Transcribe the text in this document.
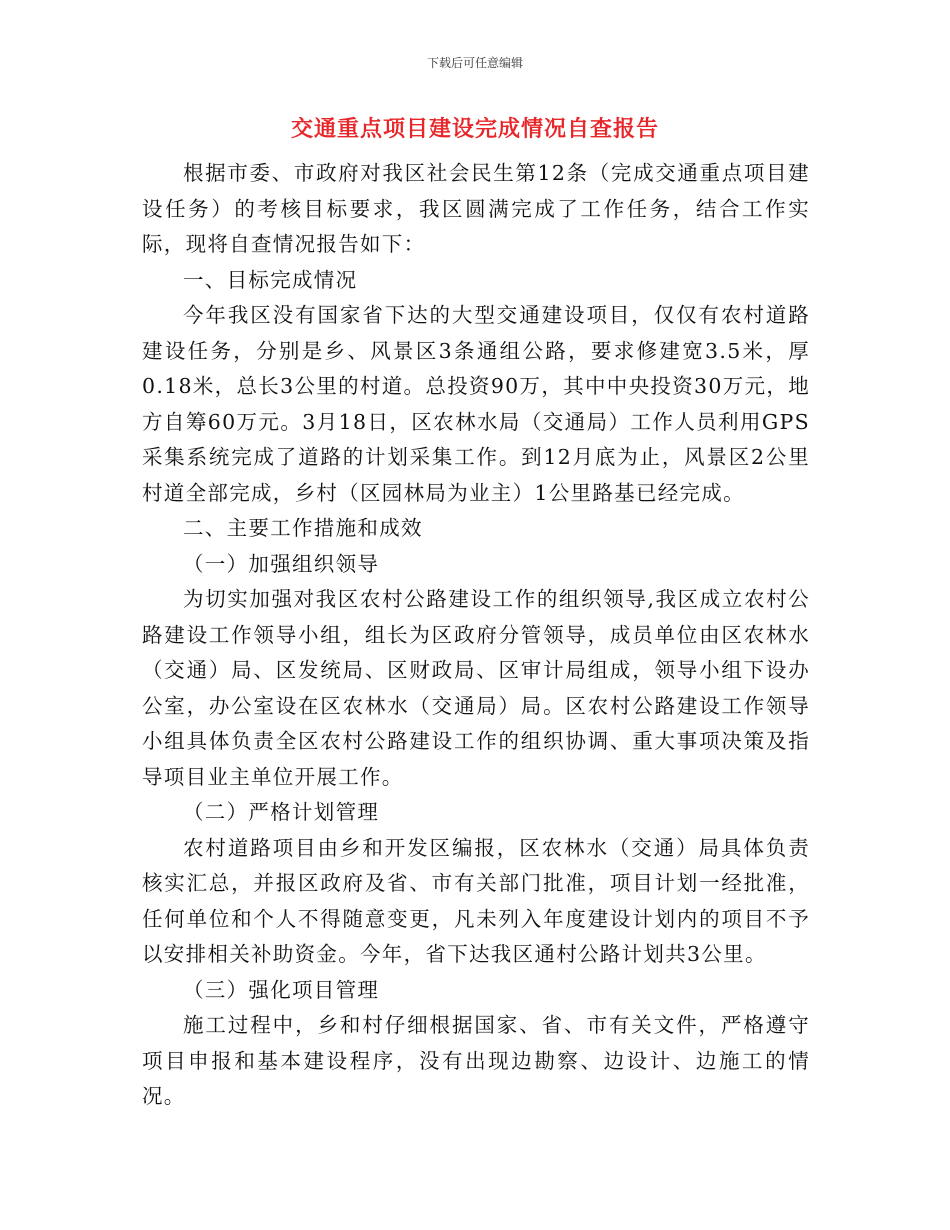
下载后可任意编辑
交通重点项目建设完成情况自查报告

根据市委、市政府对我区社会民生第12条（完成交通重点项目建设任务）的考核目标要求，我区圆满完成了工作任务，结合工作实际，现将自查情况报告如下：

一、目标完成情况

今年我区没有国家省下达的大型交通建设项目，仅仅有农村道路建设任务，分别是乡、风景区3条通组公路，要求修建宽3.5米，厚0.18米，总长3公里的村道。总投资90万，其中中央投资30万元，地方自筹60万元。3月18日，区农林水局（交通局）工作人员利用GPS采集系统完成了道路的计划采集工作。到12月底为止，风景区2公里村道全部完成，乡村（区园林局为业主）1公里路基已经完成。

二、主要工作措施和成效

（一）加强组织领导

为切实加强对我区农村公路建设工作的组织领导,我区成立农村公路建设工作领导小组，组长为区政府分管领导，成员单位由区农林水（交通）局、区发统局、区财政局、区审计局组成，领导小组下设办公室，办公室设在区农林水（交通局）局。区农村公路建设工作领导小组具体负责全区农村公路建设工作的组织协调、重大事项决策及指导项目业主单位开展工作。

（二）严格计划管理

农村道路项目由乡和开发区编报，区农林水（交通）局具体负责核实汇总，并报区政府及省、市有关部门批准，项目计划一经批准，任何单位和个人不得随意变更，凡未列入年度建设计划内的项目不予以安排相关补助资金。今年，省下达我区通村公路计划共3公里。

（三）强化项目管理

施工过程中，乡和村仔细根据国家、省、市有关文件，严格遵守项目申报和基本建设程序，没有出现边勘察、边设计、边施工的情况。
